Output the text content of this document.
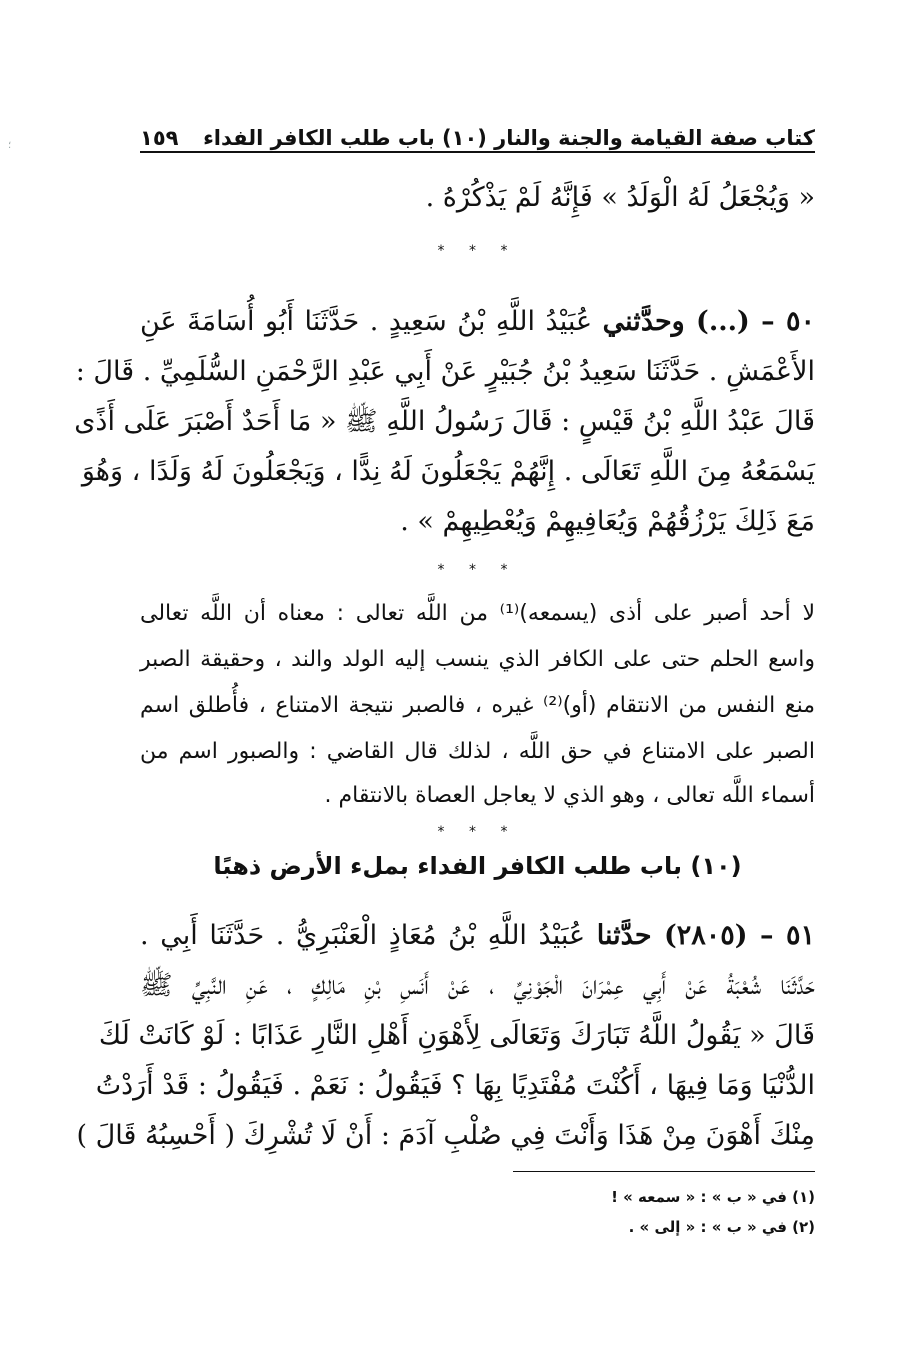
؛	كتاب صفة القيامة والجنة والنار (١٠) باب طلب الكافر الفداء
١٥٩
« وَيُجْعَلُ لَهُ الْوَلَدُ » فَإِنَّهُ لَمْ يَذْكُرْهُ .
* * *
٥٠ – (...) وحدَّثني عُبَيْدُ اللَّهِ بْنُ سَعِيدٍ . حَدَّثَنَا أَبُو أُسَامَةَ عَنِ
الأَعْمَشِ . حَدَّثَنَا سَعِيدُ بْنُ جُبَيْرٍ عَنْ أَبِي عَبْدِ الرَّحْمَنِ السُّلَمِيِّ . قَالَ :
قَالَ عَبْدُ اللَّهِ بْنُ قَيْسٍ : قَالَ رَسُولُ اللَّهِ ﷺ « مَا أَحَدٌ أَصْبَرَ عَلَى أَذًى
يَسْمَعُهُ مِنَ اللَّهِ تَعَالَى . إِنَّهُمْ يَجْعَلُونَ لَهُ نِدًّا ، وَيَجْعَلُونَ لَهُ وَلَدًا ، وَهُوَ
مَعَ ذَلِكَ يَرْزُقُهُمْ وَيُعَافِيهِمْ وَيُعْطِيهِمْ » .
* * *
لا أحد أصبر على أذى (يسمعه)⁽¹⁾ من اللَّه تعالى : معناه أن اللَّه تعالى
واسع الحلم حتى على الكافر الذي ينسب إليه الولد والند ، وحقيقة الصبر
منع النفس من الانتقام (أو)⁽²⁾ غيره ، فالصبر نتيجة الامتناع ، فأُطلق اسم
الصبر على الامتناع في حق اللَّه ، لذلك قال القاضي : والصبور اسم من
أسماء اللَّه تعالى ، وهو الذي لا يعاجل العصاة بالانتقام .
* * *
(١٠) باب طلب الكافر الفداء بملء الأرض ذهبًا
٥١ – (٢٨٠٥) حدَّثنا عُبَيْدُ اللَّهِ بْنُ مُعَاذٍ الْعَنْبَرِيُّ . حَدَّثَنَا أَبِي .
حَدَّثَنَا شُعْبَةُ عَنْ أَبِي عِمْرَانَ الْجَوْنِيِّ ، عَنْ أَنَسِ بْنِ مَالِكٍ ، عَنِ النَّبِيِّ ﷺ
قَالَ « يَقُولُ اللَّهُ تَبَارَكَ وَتَعَالَى لِأَهْوَنِ أَهْلِ النَّارِ عَذَابًا : لَوْ كَانَتْ لَكَ
الدُّنْيَا وَمَا فِيهَا ، أَكُنْتَ مُفْتَدِيًا بِهَا ؟ فَيَقُولُ : نَعَمْ . فَيَقُولُ : قَدْ أَرَدْتُ
مِنْكَ أَهْوَنَ مِنْ هَذَا وَأَنْتَ فِي صُلْبِ آدَمَ : أَنْ لَا تُشْرِكَ ( أَحْسِبُهُ قَالَ )
(١) في « ب » : « سمعه » !
(٢) في « ب » : « إلى » .
